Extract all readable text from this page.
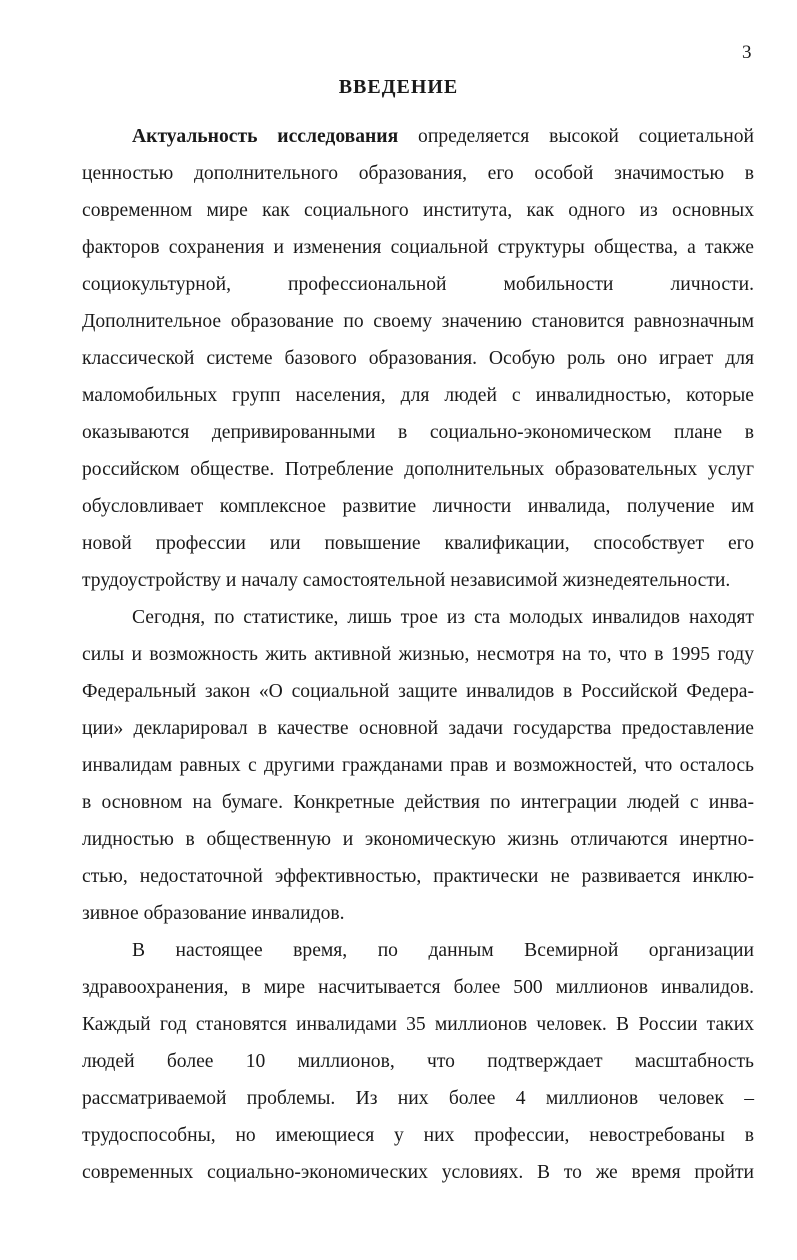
3
ВВЕДЕНИЕ
Актуальность исследования определяется высокой социетальной
ценностью дополнительного образования, его особой значимостью в
современном мире как социального института, как одного из основных
факторов сохранения и изменения социальной структуры общества, а также
социокультурной, профессиональной мобильности личности.
Дополнительное образование по своему значению становится равнозначным
классической системе базового образования. Особую роль оно играет для
маломобильных групп населения, для людей с инвалидностью, которые
оказываются депривированными в социально-экономическом плане в
российском обществе. Потребление дополнительных образовательных услуг
обусловливает комплексное развитие личности инвалида, получение им
новой профессии или повышение квалификации, способствует его
трудоустройству и началу самостоятельной независимой жизнедеятельности.
Сегодня, по статистике, лишь трое из ста молодых инвалидов находят
силы и возможность жить активной жизнью, несмотря на то, что в 1995 году
Федеральный закон «О социальной защите инвалидов в Российской Федера-
ции» декларировал в качестве основной задачи государства предоставление
инвалидам равных с другими гражданами прав и возможностей, что осталось
в основном на бумаге. Конкретные действия по интеграции людей с инва-
лидностью в общественную и экономическую жизнь отличаются инертно-
стью, недостаточной эффективностью, практически не развивается инклю-
зивное образование инвалидов.
В настоящее время, по данным Всемирной организации
здравоохранения, в мире насчитывается более 500 миллионов инвалидов.
Каждый год становятся инвалидами 35 миллионов человек. В России таких
людей более 10 миллионов, что подтверждает масштабность
рассматриваемой проблемы. Из них более 4 миллионов человек –
трудоспособны, но имеющиеся у них профессии, невостребованы в
современных социально-экономических условиях. В то же время пройти
